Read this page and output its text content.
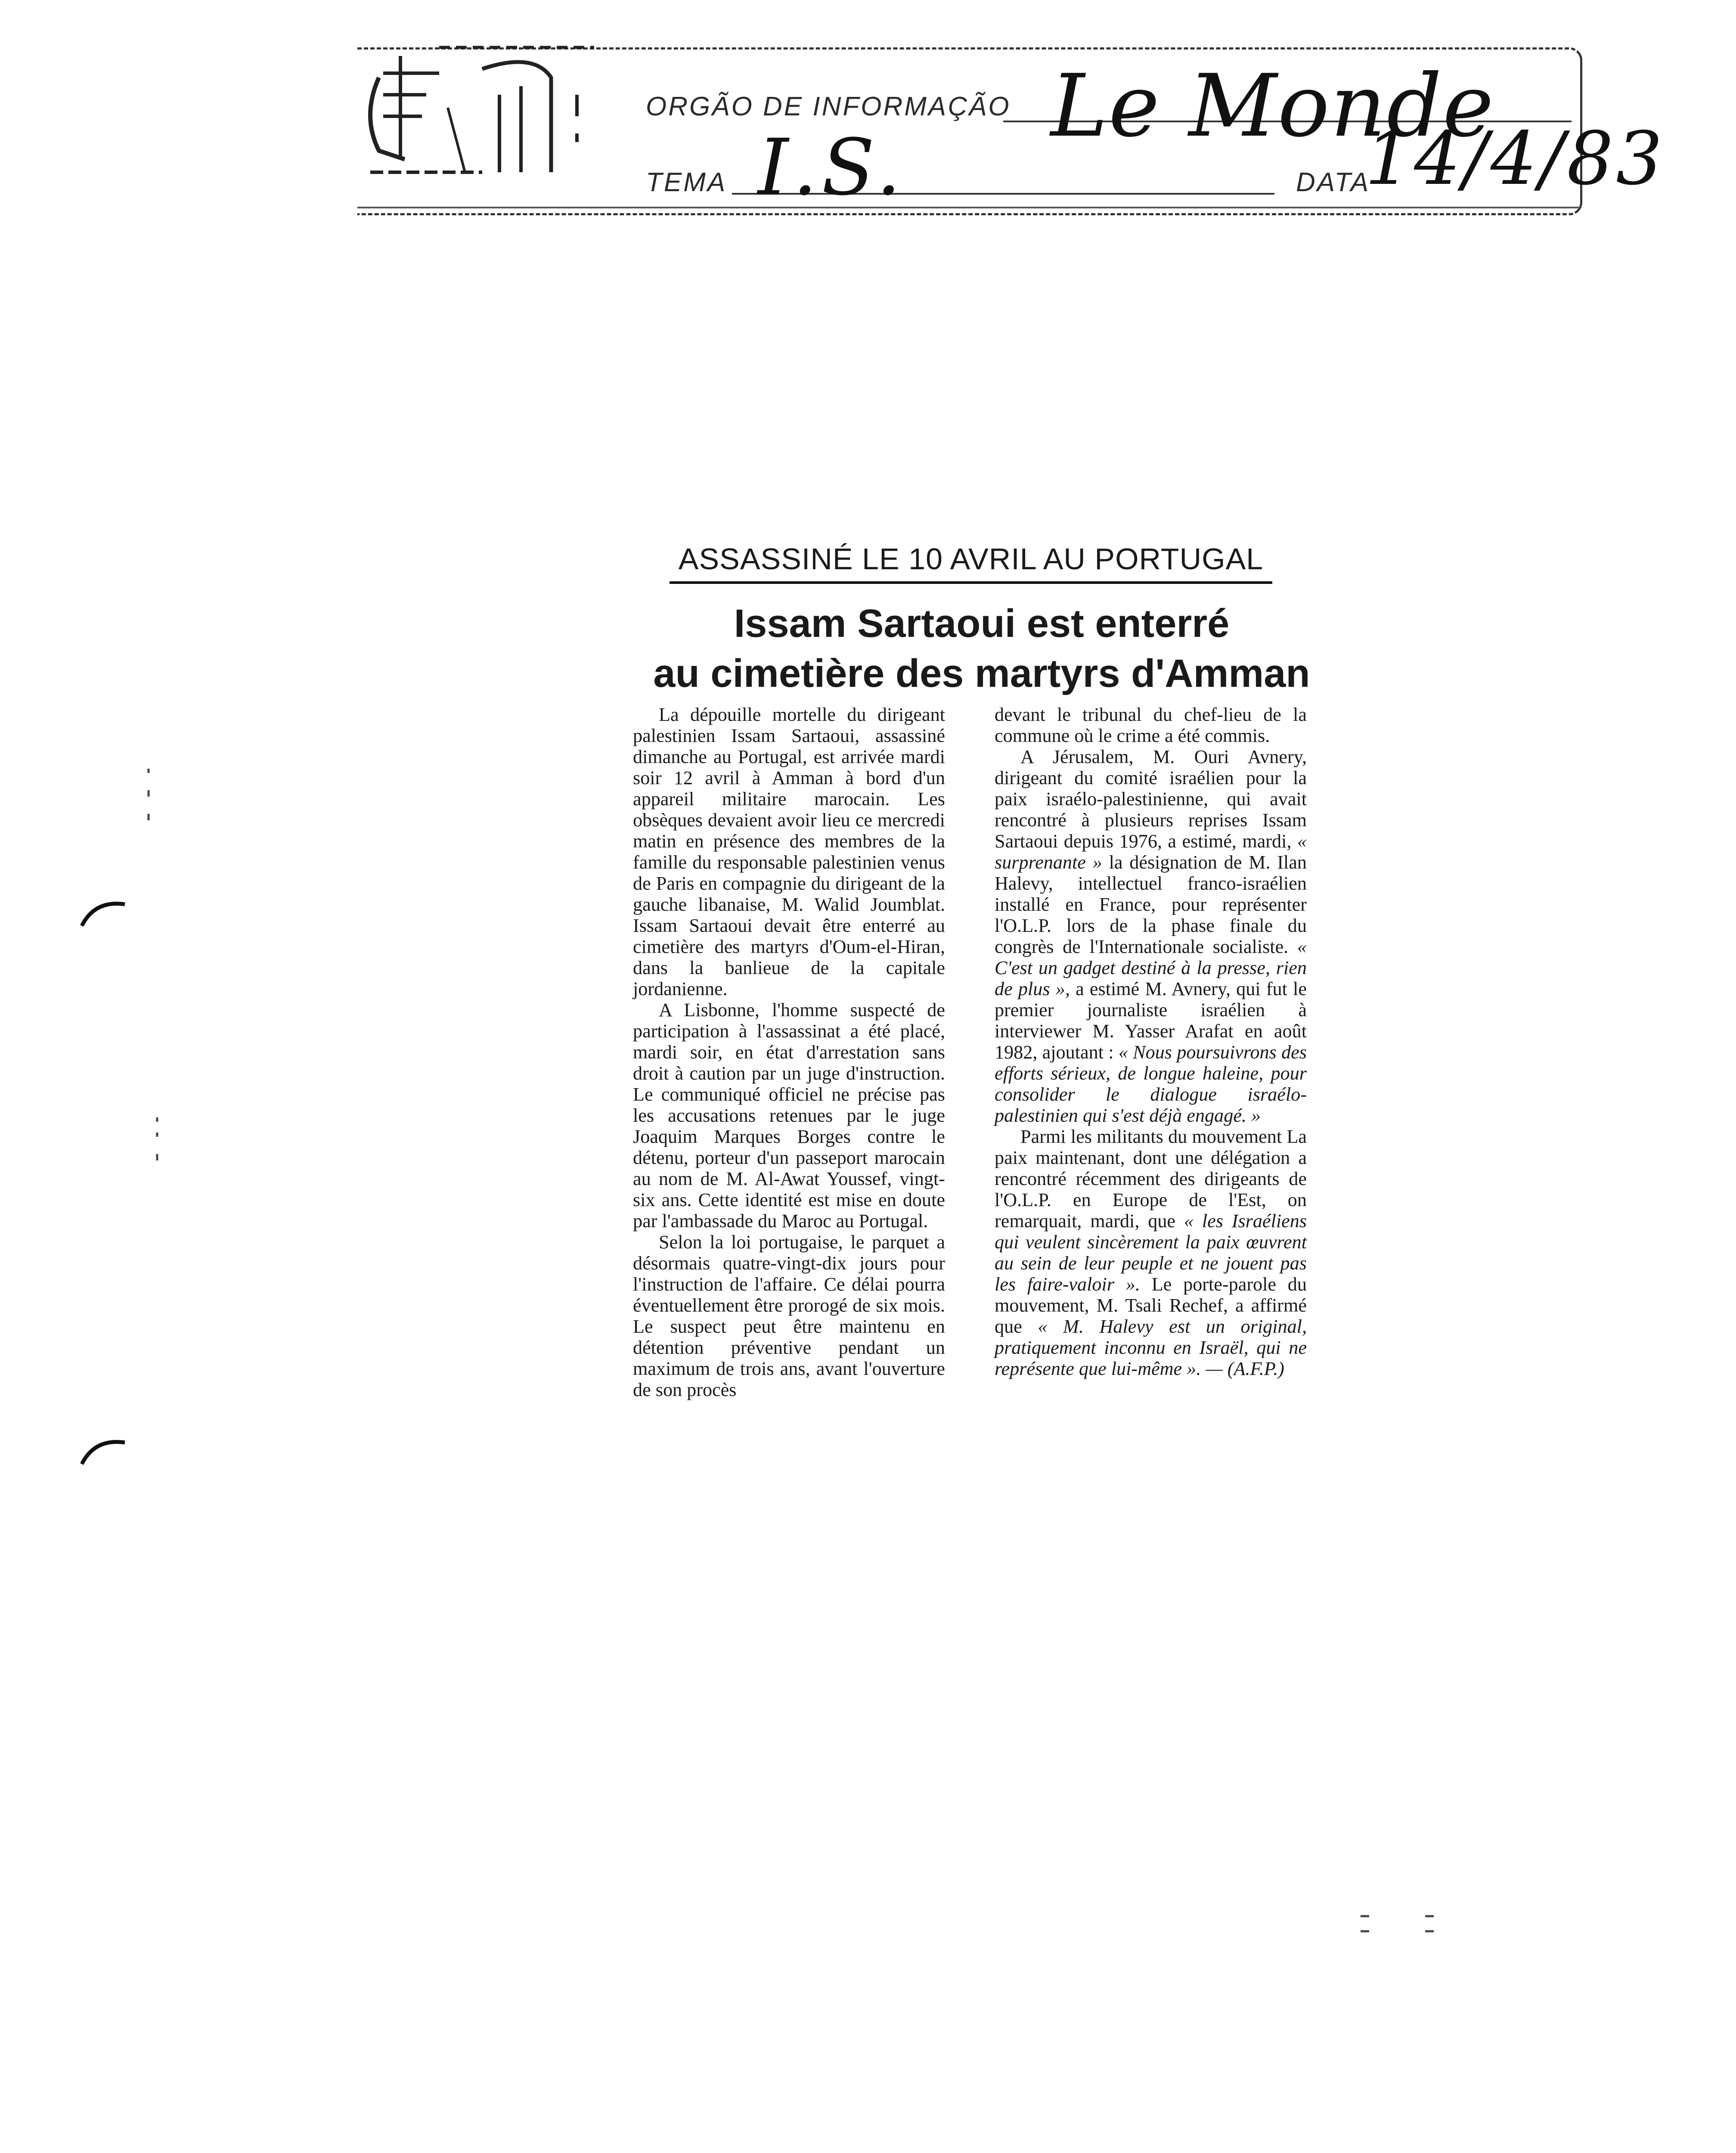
ORGÃO DE INFORMAÇÃO Le Monde
TEMA I.S.	DATA
14/4/83
ASSASSINÉ LE 10 AVRIL AU PORTUGAL
Issam Sartaoui est enterré
au cimetière des martyrs d'Amman

La dépouille mortelle du dirigeant palestinien Issam Sartaoui, assassiné dimanche au Portugal, est arrivée mardi soir 12 avril à Amman à bord d'un appareil militaire marocain. Les obsèques devaient avoir lieu ce mercredi matin en présence des membres de la famille du responsable palestinien venus de Paris en compagnie du dirigeant de la gauche libanaise, M. Walid Joumblat. Issam Sartaoui devait être enterré au cimetière des martyrs d'Oum-el-Hiran, dans la banlieue de la capitale jordanienne.

A Lisbonne, l'homme suspecté de participation à l'assassinat a été placé, mardi soir, en état d'arrestation sans droit à caution par un juge d'instruction. Le communiqué officiel ne précise pas les accusations retenues par le juge Joaquim Marques Borges contre le détenu, porteur d'un passeport marocain au nom de M. Al-Awat Youssef, vingt-six ans. Cette identité est mise en doute par l'ambassade du Maroc au Portugal.

Selon la loi portugaise, le parquet a désormais quatre-vingt-dix jours pour l'instruction de l'affaire. Ce délai pourra éventuellement être prorogé de six mois. Le suspect peut être maintenu en détention préventive pendant un maximum de trois ans, avant l'ouverture de son procès

devant le tribunal du chef-lieu de la commune où le crime a été commis.

A Jérusalem, M. Ouri Avnery, dirigeant du comité israélien pour la paix israélo-palestinienne, qui avait rencontré à plusieurs reprises Issam Sartaoui depuis 1976, a estimé, mardi, « surprenante » la désignation de M. Ilan Halevy, intellectuel franco-israélien installé en France, pour représenter l'O.L.P. lors de la phase finale du congrès de l'Internationale socialiste. « C'est un gadget destiné à la presse, rien de plus », a estimé M. Avnery, qui fut le premier journaliste israélien à interviewer M. Yasser Arafat en août 1982, ajoutant : « Nous poursuivrons des efforts sérieux, de longue haleine, pour consolider le dialogue israélo-palestinien qui s'est déjà engagé. »

Parmi les militants du mouvement La paix maintenant, dont une délégation a rencontré récemment des dirigeants de l'O.L.P. en Europe de l'Est, on remarquait, mardi, que « les Israéliens qui veulent sincèrement la paix œuvrent au sein de leur peuple et ne jouent pas les faire-valoir ». Le porte-parole du mouvement, M. Tsali Rechef, a affirmé que « M. Halevy est un original, pratiquement inconnu en Israël, qui ne représente que lui-même ». — (A.F.P.)
